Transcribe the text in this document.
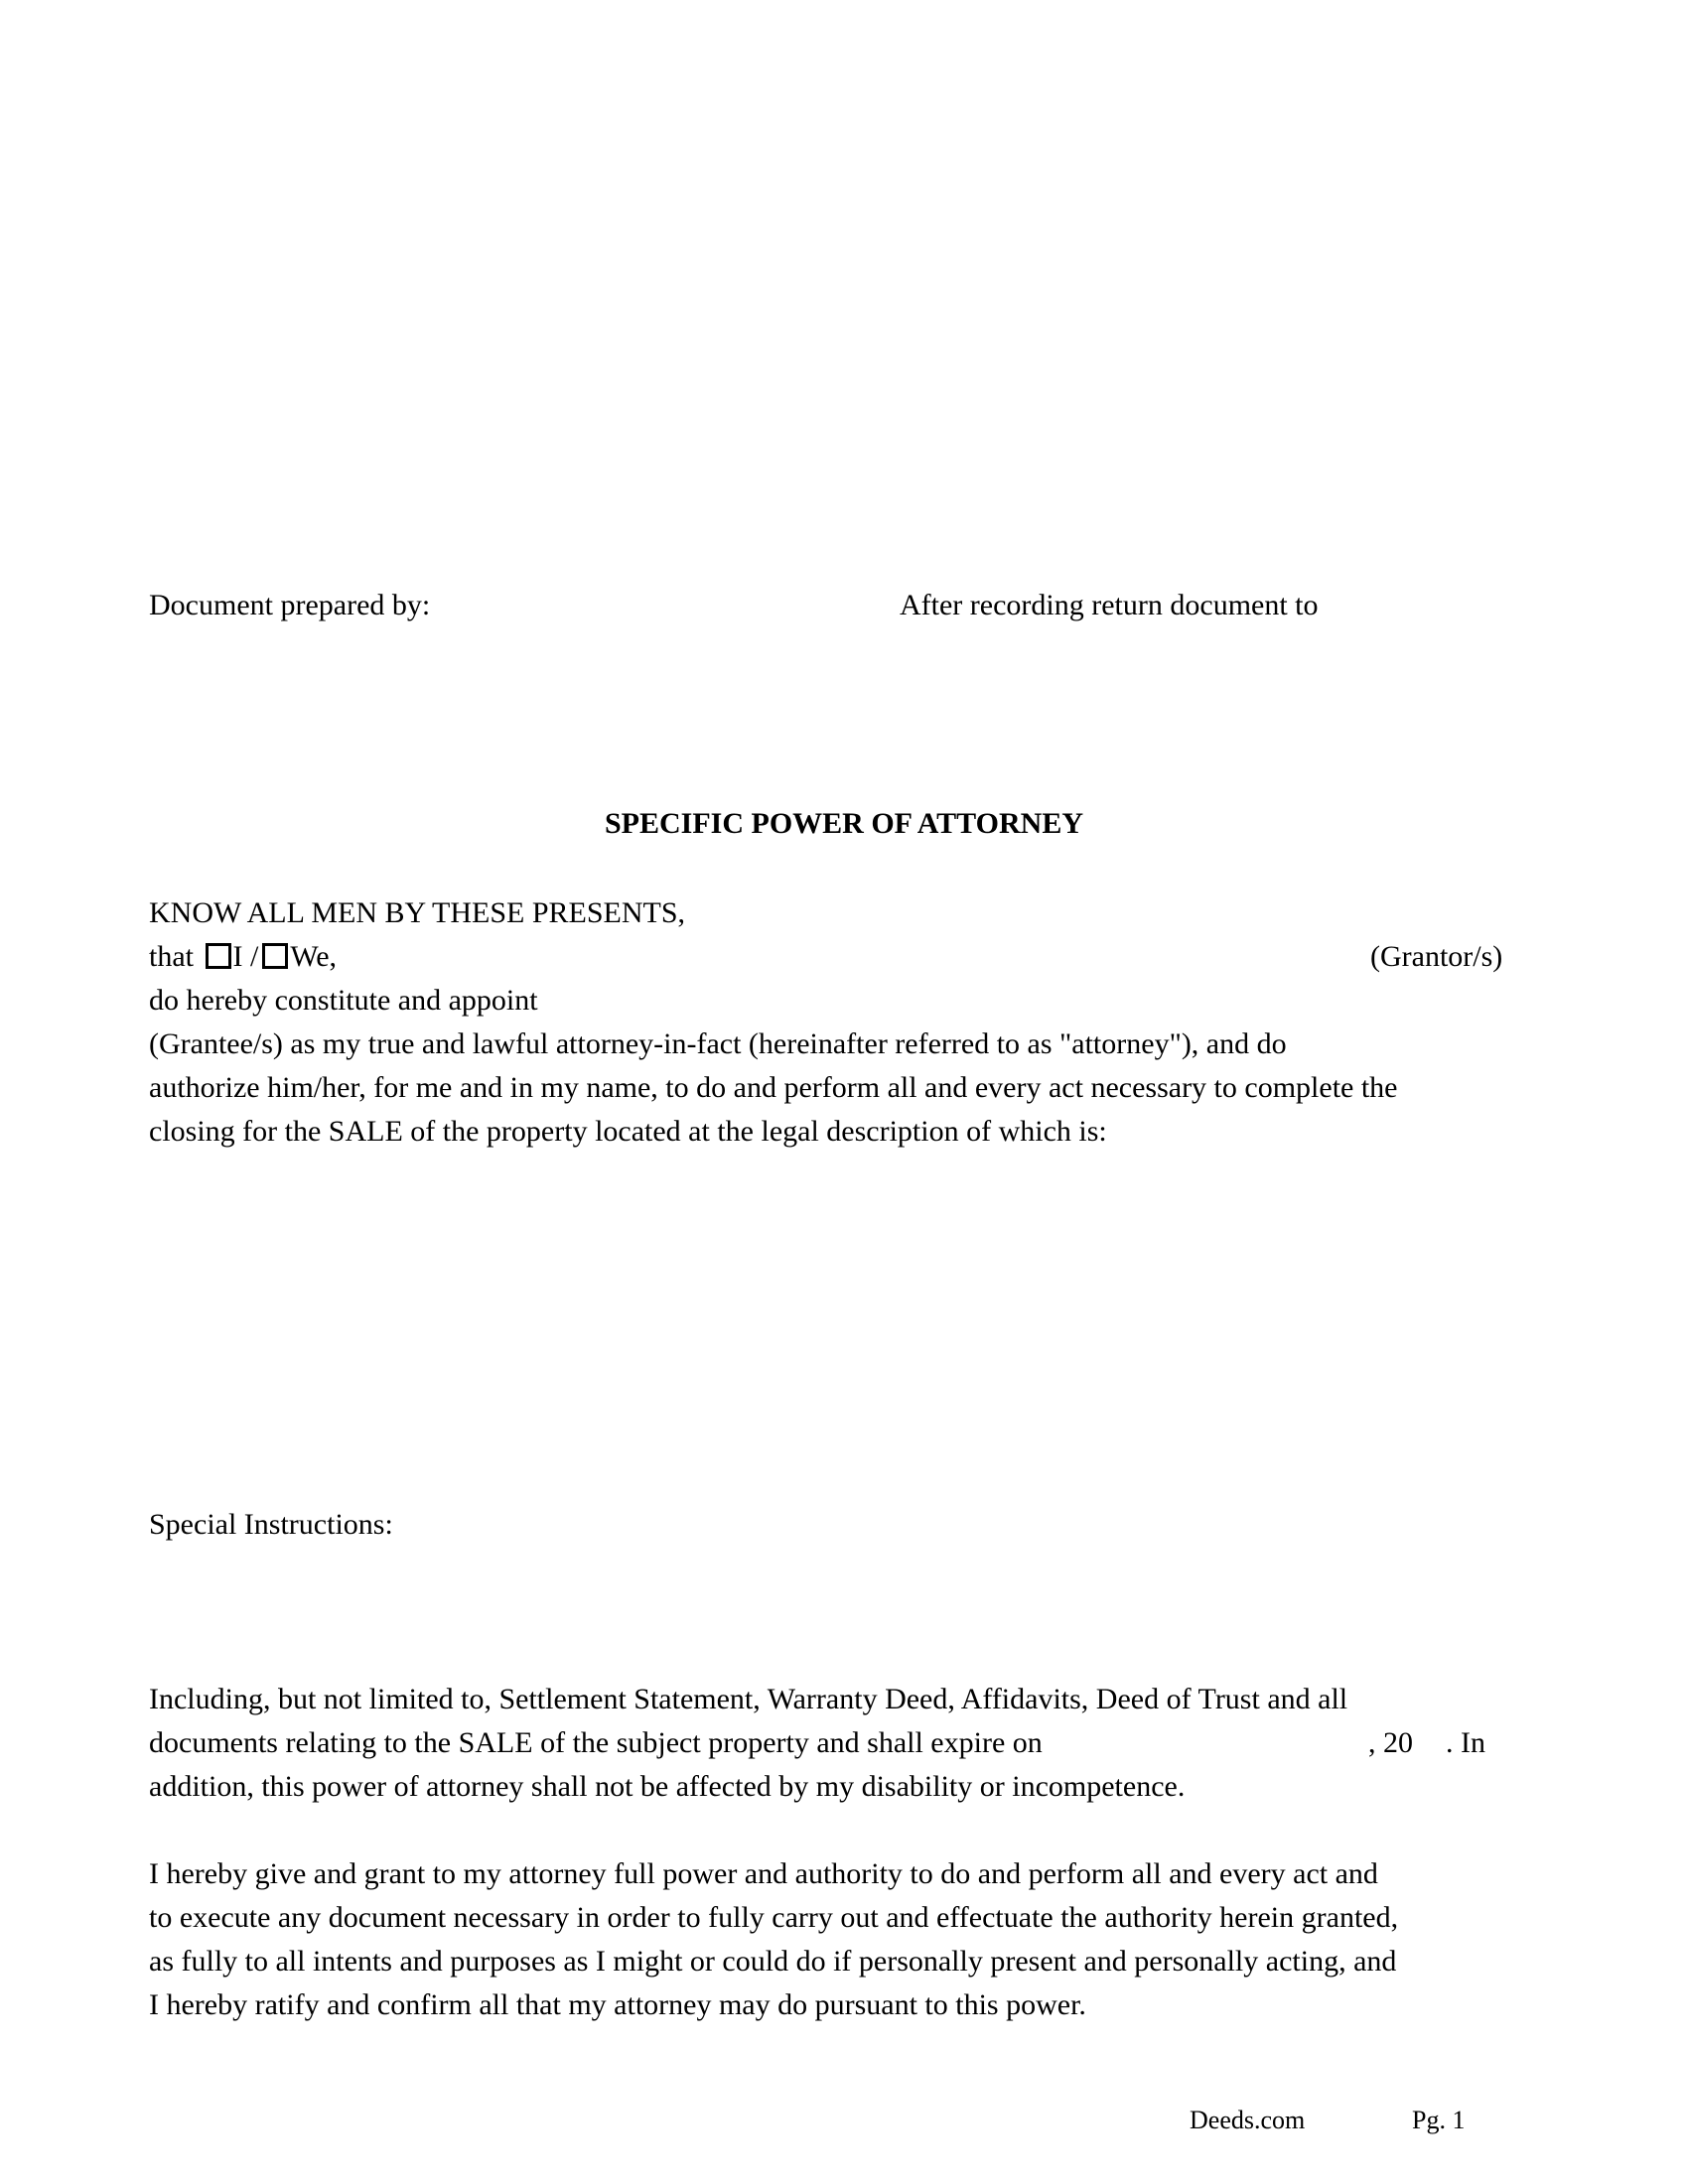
Document prepared by:	After recording return document to
SPECIFIC POWER OF ATTORNEY
KNOW ALL MEN BY THESE PRESENTS,
that I / We,	(Grantor/s)

do hereby constitute and appoint

(Grantee/s) as my true and lawful attorney-in-fact (hereinafter referred to as "attorney"), and do

authorize him/her, for me and in my name, to do and perform all and every act necessary to complete the

closing for the SALE of the property located at the legal description of which is:

Special Instructions:

Including, but not limited to, Settlement Statement, Warranty Deed, Affidavits, Deed of Trust and all

documents relating to the SALE of the subject property and shall expire on	, 20 . In

addition, this power of attorney shall not be affected by my disability or incompetence.

I hereby give and grant to my attorney full power and authority to do and perform all and every act and

to execute any document necessary in order to fully carry out and effectuate the authority herein granted,

as fully to all intents and purposes as I might or could do if personally present and personally acting, and

I hereby ratify and confirm all that my attorney may do pursuant to this power.

Deeds.com	Pg. 1
